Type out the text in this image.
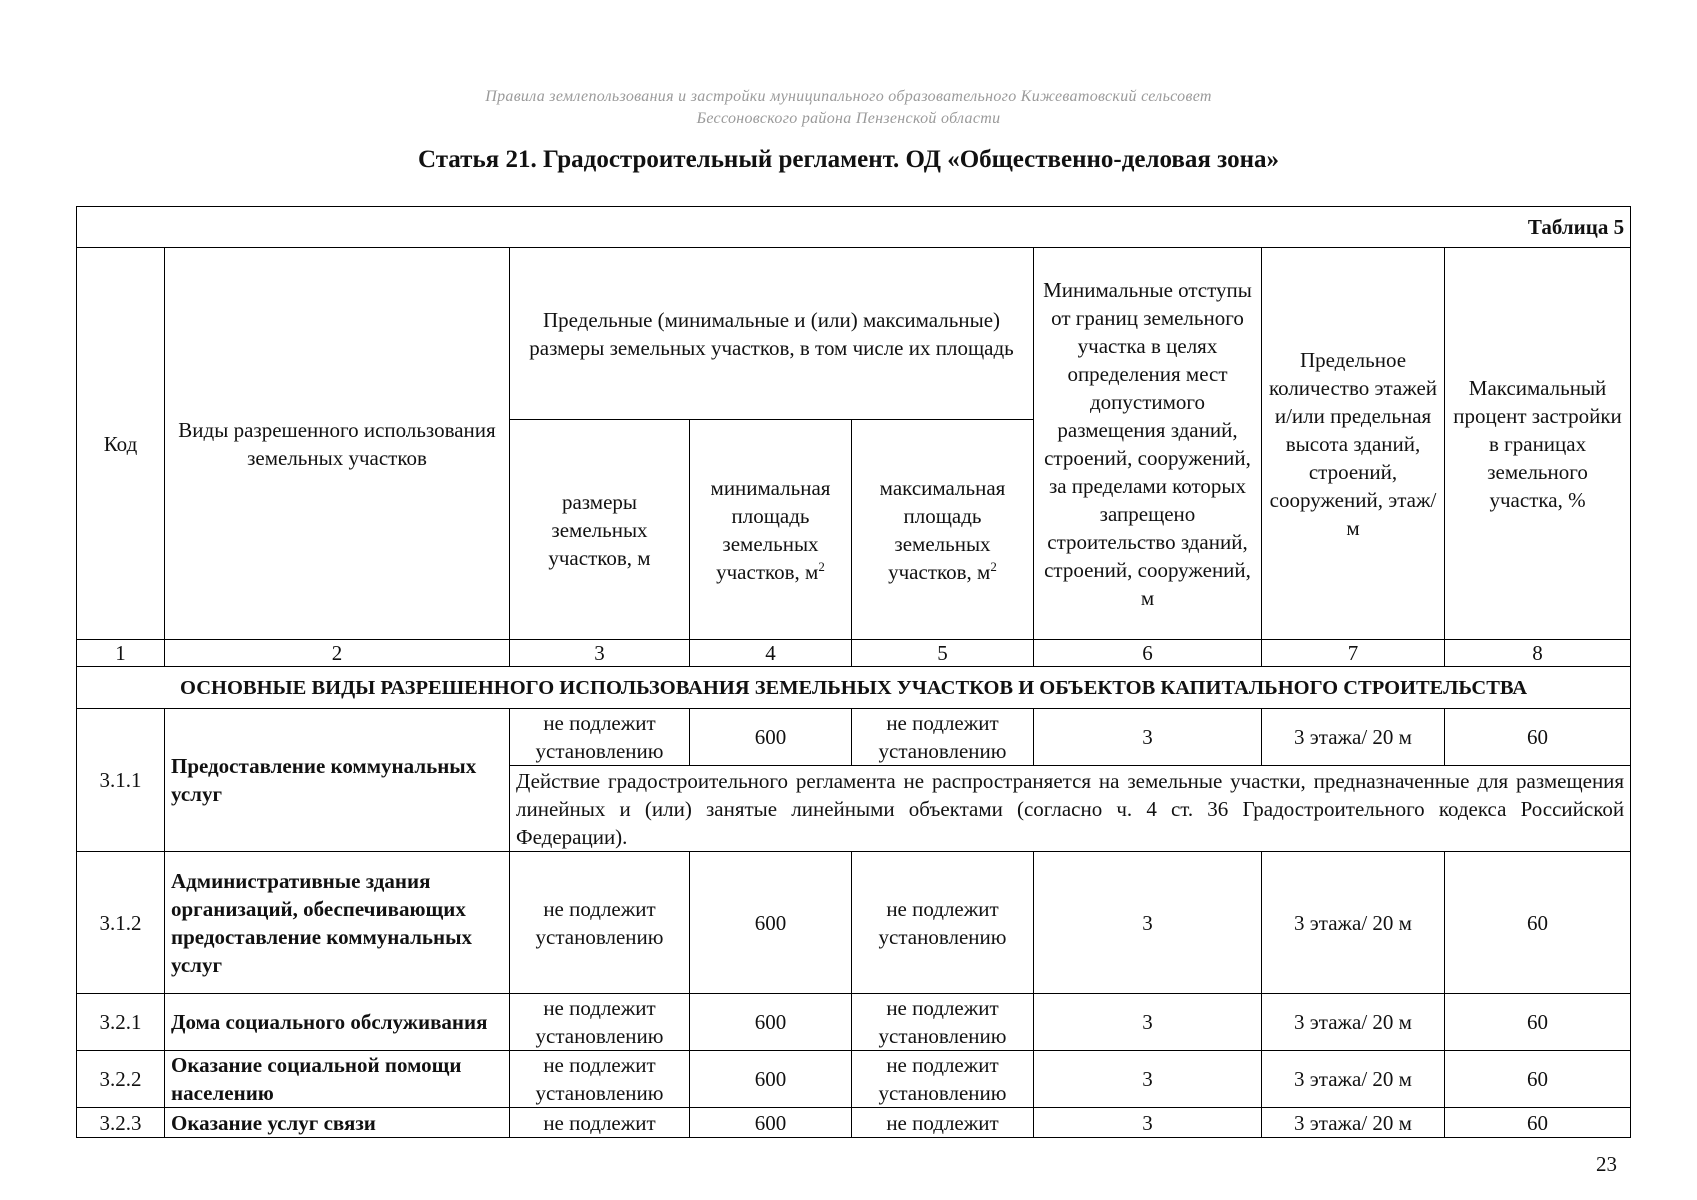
Правила землепользования и застройки муниципального образовательного Кижеватовский сельсовет
Бессоновского района Пензенской области
Статья 21. Градостроительный регламент. ОД «Общественно-деловая зона»
Таблица 5							
Код	Виды разрешенного использования земельных участков	Предельные (минимальные и (или) максимальные) размеры земельных участков, в том числе их площадь			Минимальные отступы от границ земельного участка в целях определения мест допустимого размещения зданий, строений, сооружений, за пределами которых запрещено строительство зданий, строений, сооружений, м	Предельное количество этажей и/или предельная высота зданий, строений, сооружений, этаж/м	Максимальный процент застройки в границах земельного участка, %
		размеры земельных участков, м	минимальная площадь земельных участков, $м^2$	максимальная площадь земельных участков, $м^2$
1	2	3	4	5	6	7	8
ОСНОВНЫЕ ВИДЫ РАЗРЕШЕННОГО ИСПОЛЬЗОВАНИЯ ЗЕМЕЛЬНЫХ УЧАСТКОВ И ОБЪЕКТОВ КАПИТАЛЬНОГО СТРОИТЕЛЬСТВА							
3.1.1	Предоставление коммунальных услуг	не подлежит установлению	600	не подлежит установлению	3	3 этажа/ 20 м	60
		Действие градостроительного регламента не распространяется на земельные участки, предназначенные для размещения линейных и (или) занятые линейными объектами (согласно ч. 4 ст. 36 Градостроительного кодекса Российской Федерации).					
3.1.2	Административные здания организаций, обеспечивающих предоставление коммунальных услуг	не подлежит установлению	600	не подлежит установлению	3	3 этажа/ 20 м	60
3.2.1	Дома социального обслуживания	не подлежит установлению	600	не подлежит установлению	3	3 этажа/ 20 м	60
3.2.2	Оказание социальной помощи населению	не подлежит установлению	600	не подлежит установлению	3	3 этажа/ 20 м	60
3.2.3	Оказание услуг связи	не подлежит	600	не подлежит	3	3 этажа/ 20 м	60
23
